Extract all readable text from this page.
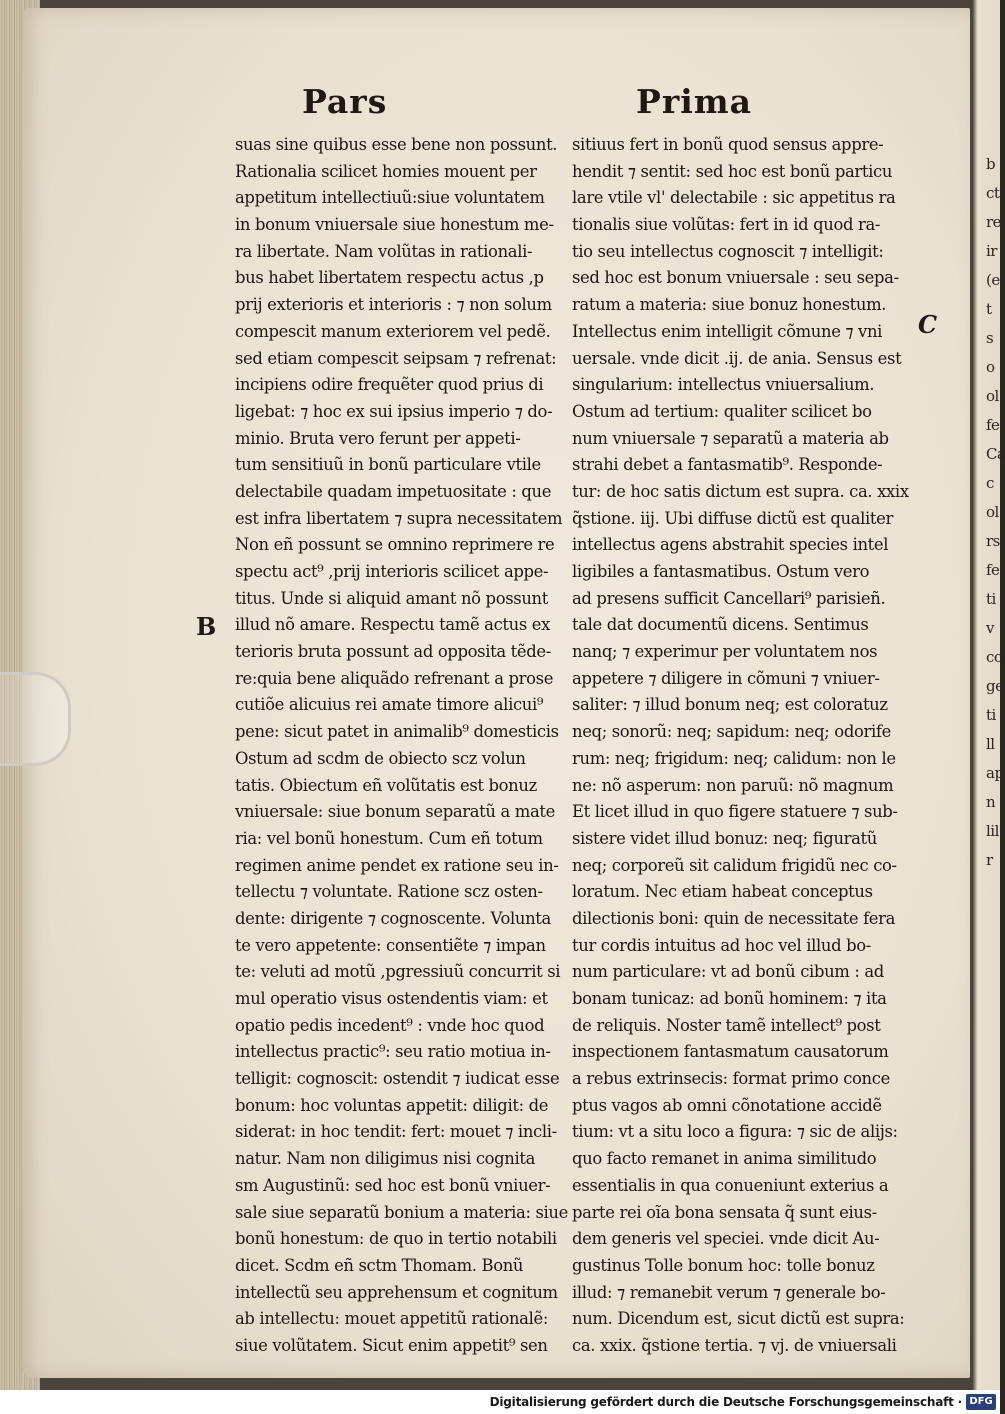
b
ct
re
ir
(e
t
s
o
ol
fe
Ca
c
ol
rs
fe
ti
v
co
ge
ti
ll
ap
n
lil
r
Pars	Prima
suas sine quibus esse bene non possunt.
Rationalia scilicet homies mouent per
appetitum intellectiuũ:siue voluntatem
in bonum vniuersale siue honestum me-
ra libertate. Nam volũtas in rationali-
bus habet libertatem respectu actus ,p
prij exterioris et interioris : ⁊ non solum
compescit manum exteriorem vel pedẽ.
sed etiam compescit seipsam ⁊ refrenat:
incipiens odire frequẽter quod prius di
ligebat: ⁊ hoc ex sui ipsius imperio ⁊ do-
minio. Bruta vero ferunt per appeti-
tum sensitiuũ in bonũ particulare vtile
delectabile quadam impetuositate : que
est infra libertatem ⁊ supra necessitatem
Non eñ possunt se omnino reprimere re
spectu act⁹ ,prij interioris scilicet appe-
titus. Unde si aliquid amant nõ possunt
illud nõ amare. Respectu tamẽ actus ex
terioris bruta possunt ad opposita tẽde-
re:quia bene aliquãdo refrenant a prose
cutiõe alicuius rei amate timore alicui⁹
pene: sicut patet in animalib⁹ domesticis
Ostum ad scdm de obiecto scz volun
tatis. Obiectum eñ volũtatis est bonuz
vniuersale: siue bonum separatũ a mate
ria: vel bonũ honestum. Cum eñ totum
regimen anime pendet ex ratione seu in-
tellectu ⁊ voluntate. Ratione scz osten-
dente: dirigente ⁊ cognoscente. Volunta
te vero appetente: consentiẽte ⁊ impan
te: veluti ad motũ ,pgressiuũ concurrit si
mul operatio visus ostendentis viam: et
opatio pedis incedent⁹ : vnde hoc quod
intellectus practic⁹: seu ratio motiua in-
telligit: cognoscit: ostendit ⁊ iudicat esse
bonum: hoc voluntas appetit: diligit: de
siderat: in hoc tendit: fert: mouet ⁊ incli-
natur. Nam non diligimus nisi cognita
sm Augustinũ: sed hoc est bonũ vniuer-
sale siue separatũ bonium a materia: siue
bonũ honestum: de quo in tertio notabili
dicet. Scdm eñ sctm Thomam. Bonũ
intellectũ seu apprehensum et cognitum
ab intellectu: mouet appetitũ rationalẽ:
siue volũtatem. Sicut enim appetit⁹ sen
sitiuus fert in bonũ quod sensus appre-
hendit ⁊ sentit: sed hoc est bonũ particu
lare vtile vl' delectabile : sic appetitus ra
tionalis siue volũtas: fert in id quod ra-
tio seu intellectus cognoscit ⁊ intelligit:
sed hoc est bonum vniuersale : seu sepa-
ratum a materia: siue bonuz honestum.
Intellectus enim intelligit cõmune ⁊ vni
uersale. vnde dicit .ij. de ania. Sensus est
singularium: intellectus vniuersalium.
Ostum ad tertium: qualiter scilicet bo
num vniuersale ⁊ separatũ a materia ab
strahi debet a fantasmatib⁹. Responde-
tur: de hoc satis dictum est supra. ca. xxix
q̃stione. iij. Ubi diffuse dictũ est qualiter
intellectus agens abstrahit species intel
ligibiles a fantasmatibus. Ostum vero
ad presens sufficit Cancellari⁹ parisieñ.
tale dat documentũ dicens. Sentimus
nanq; ⁊ experimur per voluntatem nos
appetere ⁊ diligere in cõmuni ⁊ vniuer-
saliter: ⁊ illud bonum neq; est coloratuz
neq; sonorũ: neq; sapidum: neq; odorife
rum: neq; frigidum: neq; calidum: non le
ne: nõ asperum: non paruũ: nõ magnum
Et licet illud in quo figere statuere ⁊ sub-
sistere videt illud bonuz: neq; figuratũ
neq; corporeũ sit calidum frigidũ nec co-
loratum. Nec etiam habeat conceptus
dilectionis boni: quin de necessitate fera
tur cordis intuitus ad hoc vel illud bo-
num particulare: vt ad bonũ cibum : ad
bonam tunicaz: ad bonũ hominem: ⁊ ita
de reliquis. Noster tamẽ intellect⁹ post
inspectionem fantasmatum causatorum
a rebus extrinsecis: format primo conce
ptus vagos ab omni cõnotatione accidẽ
tium: vt a situ loco a figura: ⁊ sic de alijs:
quo facto remanet in anima similitudo
essentialis in qua conueniunt exterius a
parte rei oĩa bona sensata q̃ sunt eius-
dem generis vel speciei. vnde dicit Au-
gustinus Tolle bonum hoc: tolle bonuz
illud: ⁊ remanebit verum ⁊ generale bo-
num. Dicendum est, sicut dictũ est supra:
ca. xxix. q̃stione tertia. ⁊ vj. de vniuersali
B
C
Digitalisierung gefördert durch die Deutsche Forschungsgemeinschaft · DFG
